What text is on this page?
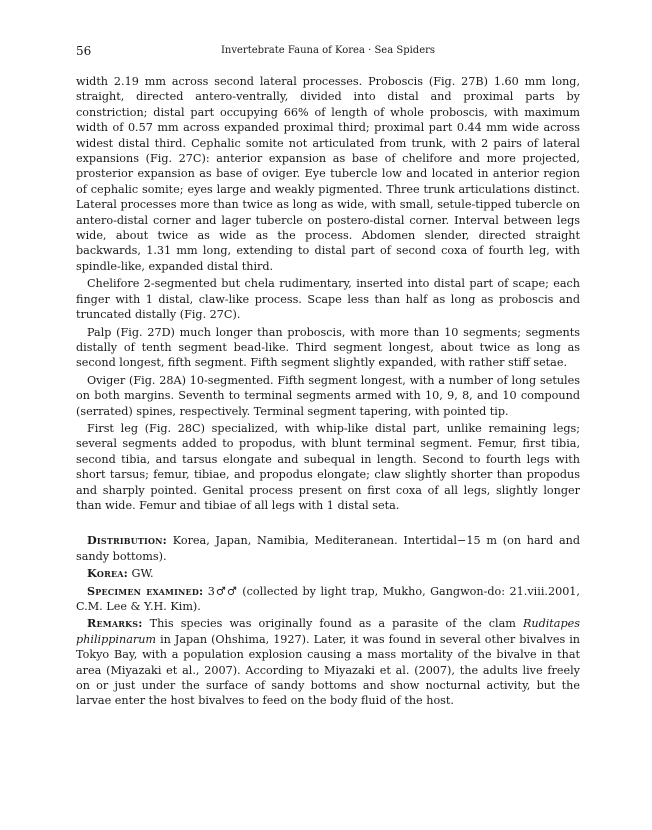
56	Invertebrate Fauna of Korea · Sea Spiders

width 2.19 mm across second lateral processes. Proboscis (Fig. 27B) 1.60 mm long, straight, directed antero-ventrally, divided into distal and proximal parts by constriction; distal part occupying 66% of length of whole proboscis, with maximum width of 0.57 mm across expanded proximal third; proximal part 0.44 mm wide across widest distal third. Cephalic somite not articulated from trunk, with 2 pairs of lateral expansions (Fig. 27C): anterior expansion as base of chelifore and more projected, prosterior expansion as base of oviger. Eye tubercle low and located in anterior region of cephalic somite; eyes large and weakly pigmented. Three trunk articulations distinct. Lateral processes more than twice as long as wide, with small, setule-tipped tubercle on antero-distal corner and lager tubercle on postero-distal corner. Interval between legs wide, about twice as wide as the process. Abdomen slender, directed straight backwards, 1.31 mm long, extending to distal part of second coxa of fourth leg, with spindle-like, expanded distal third.

Chelifore 2-segmented but chela rudimentary, inserted into distal part of scape; each finger with 1 distal, claw-like process. Scape less than half as long as proboscis and truncated distally (Fig. 27C).

Palp (Fig. 27D) much longer than proboscis, with more than 10 segments; segments distally of tenth segment bead-like. Third segment longest, about twice as long as second longest, fifth segment. Fifth segment slightly expanded, with rather stiff setae.

Oviger (Fig. 28A) 10-segmented. Fifth segment longest, with a number of long setules on both margins. Seventh to terminal segments armed with 10, 9, 8, and 10 compound (serrated) spines, respectively. Terminal segment tapering, with pointed tip.

First leg (Fig. 28C) specialized, with whip-like distal part, unlike remaining legs; several segments added to propodus, with blunt terminal segment. Femur, first tibia, second tibia, and tarsus elongate and subequal in length. Second to fourth legs with short tarsus; femur, tibiae, and propodus elongate; claw slightly shorter than propodus and sharply pointed. Genital process present on first coxa of all legs, slightly longer than wide. Femur and tibiae of all legs with 1 distal seta.

Distribution: Korea, Japan, Namibia, Mediteranean. Intertidal−15 m (on hard and sandy bottoms).

Korea: GW.

Specimen examined: 3♂♂ (collected by light trap, Mukho, Gangwon-do: 21.viii.2001, C.M. Lee & Y.H. Kim).

Remarks: This species was originally found as a parasite of the clam Ruditapes philippinarum in Japan (Ohshima, 1927). Later, it was found in several other bivalves in Tokyo Bay, with a population explosion causing a mass mortality of the bivalve in that area (Miyazaki et al., 2007). According to Miyazaki et al. (2007), the adults live freely on or just under the surface of sandy bottoms and show nocturnal activity, but the larvae enter the host bivalves to feed on the body fluid of the host.
